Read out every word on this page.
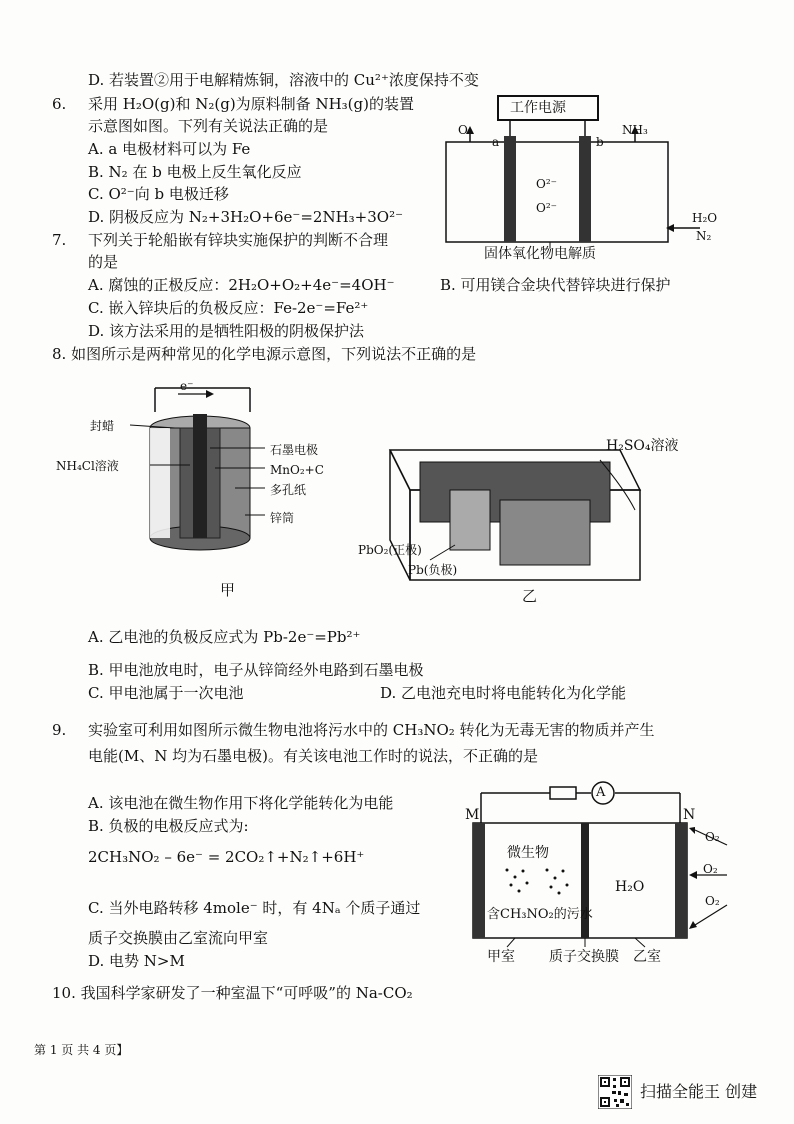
D. 若装置②用于电解精炼铜，溶液中的 Cu²⁺浓度保持不变
6. 采用 H₂O(g)和 N₂(g)为原料制备 NH₃(g)的装置
示意图如图。下列有关说法正确的是
A. a 电极材料可以为 Fe
B. N₂ 在 b 电极上反生氧化反应
C. O²⁻向 b 电极迁移
D. 阴极反应为 N₂+3H₂O+6e⁻=2NH₃+3O²⁻
工作电源
O₂
a	b
NH₃
O²⁻
O²⁻
H₂O
N₂
固体氧化物电解质
7. 下列关于轮船嵌有锌块实施保护的判断不合理
的是
A. 腐蚀的正极反应：2H₂O+O₂+4e⁻=4OH⁻	B. 可用镁合金块代替锌块进行保护
C. 嵌入锌块后的负极反应：Fe-2e⁻=Fe²⁺
D. 该方法采用的是牺牲阳极的阴极保护法
8. 如图所示是两种常见的化学电源示意图，下列说法不正确的是
e⁻
封蜡
NH₄Cl溶液
石墨电极
MnO₂+C
多孔纸
锌筒
甲
H₂SO₄溶液
PbO₂(正极)
Pb(负极)
乙
A. 乙电池的负极反应式为 Pb-2e⁻=Pb²⁺
B. 甲电池放电时，电子从锌筒经外电路到石墨电极
C. 甲电池属于一次电池	D. 乙电池充电时将电能转化为化学能
9. 实验室可利用如图所示微生物电池将污水中的 CH₃NO₂ 转化为无毒无害的物质并产生
电能(M、N 均为石墨电极)。有关该电池工作时的说法，不正确的是
A. 该电池在微生物作用下将化学能转化为电能
B. 负极的电极反应式为:
2CH₃NO₂ – 6e⁻ = 2CO₂↑+N₂↑+6H⁺
C. 当外电路转移 4mole⁻ 时，有 4Nₐ 个质子通过
质子交换膜由乙室流向甲室
D. 电势 N>M
A
M	N
微生物
含CH₃NO₂的污水
H₂O
O₂
O₂
O₂
甲室 质子交换膜 乙室
10. 我国科学家研发了一种室温下“可呼吸”的 Na-CO₂
第 1 页 共 4 页】
扫描全能王 创建
